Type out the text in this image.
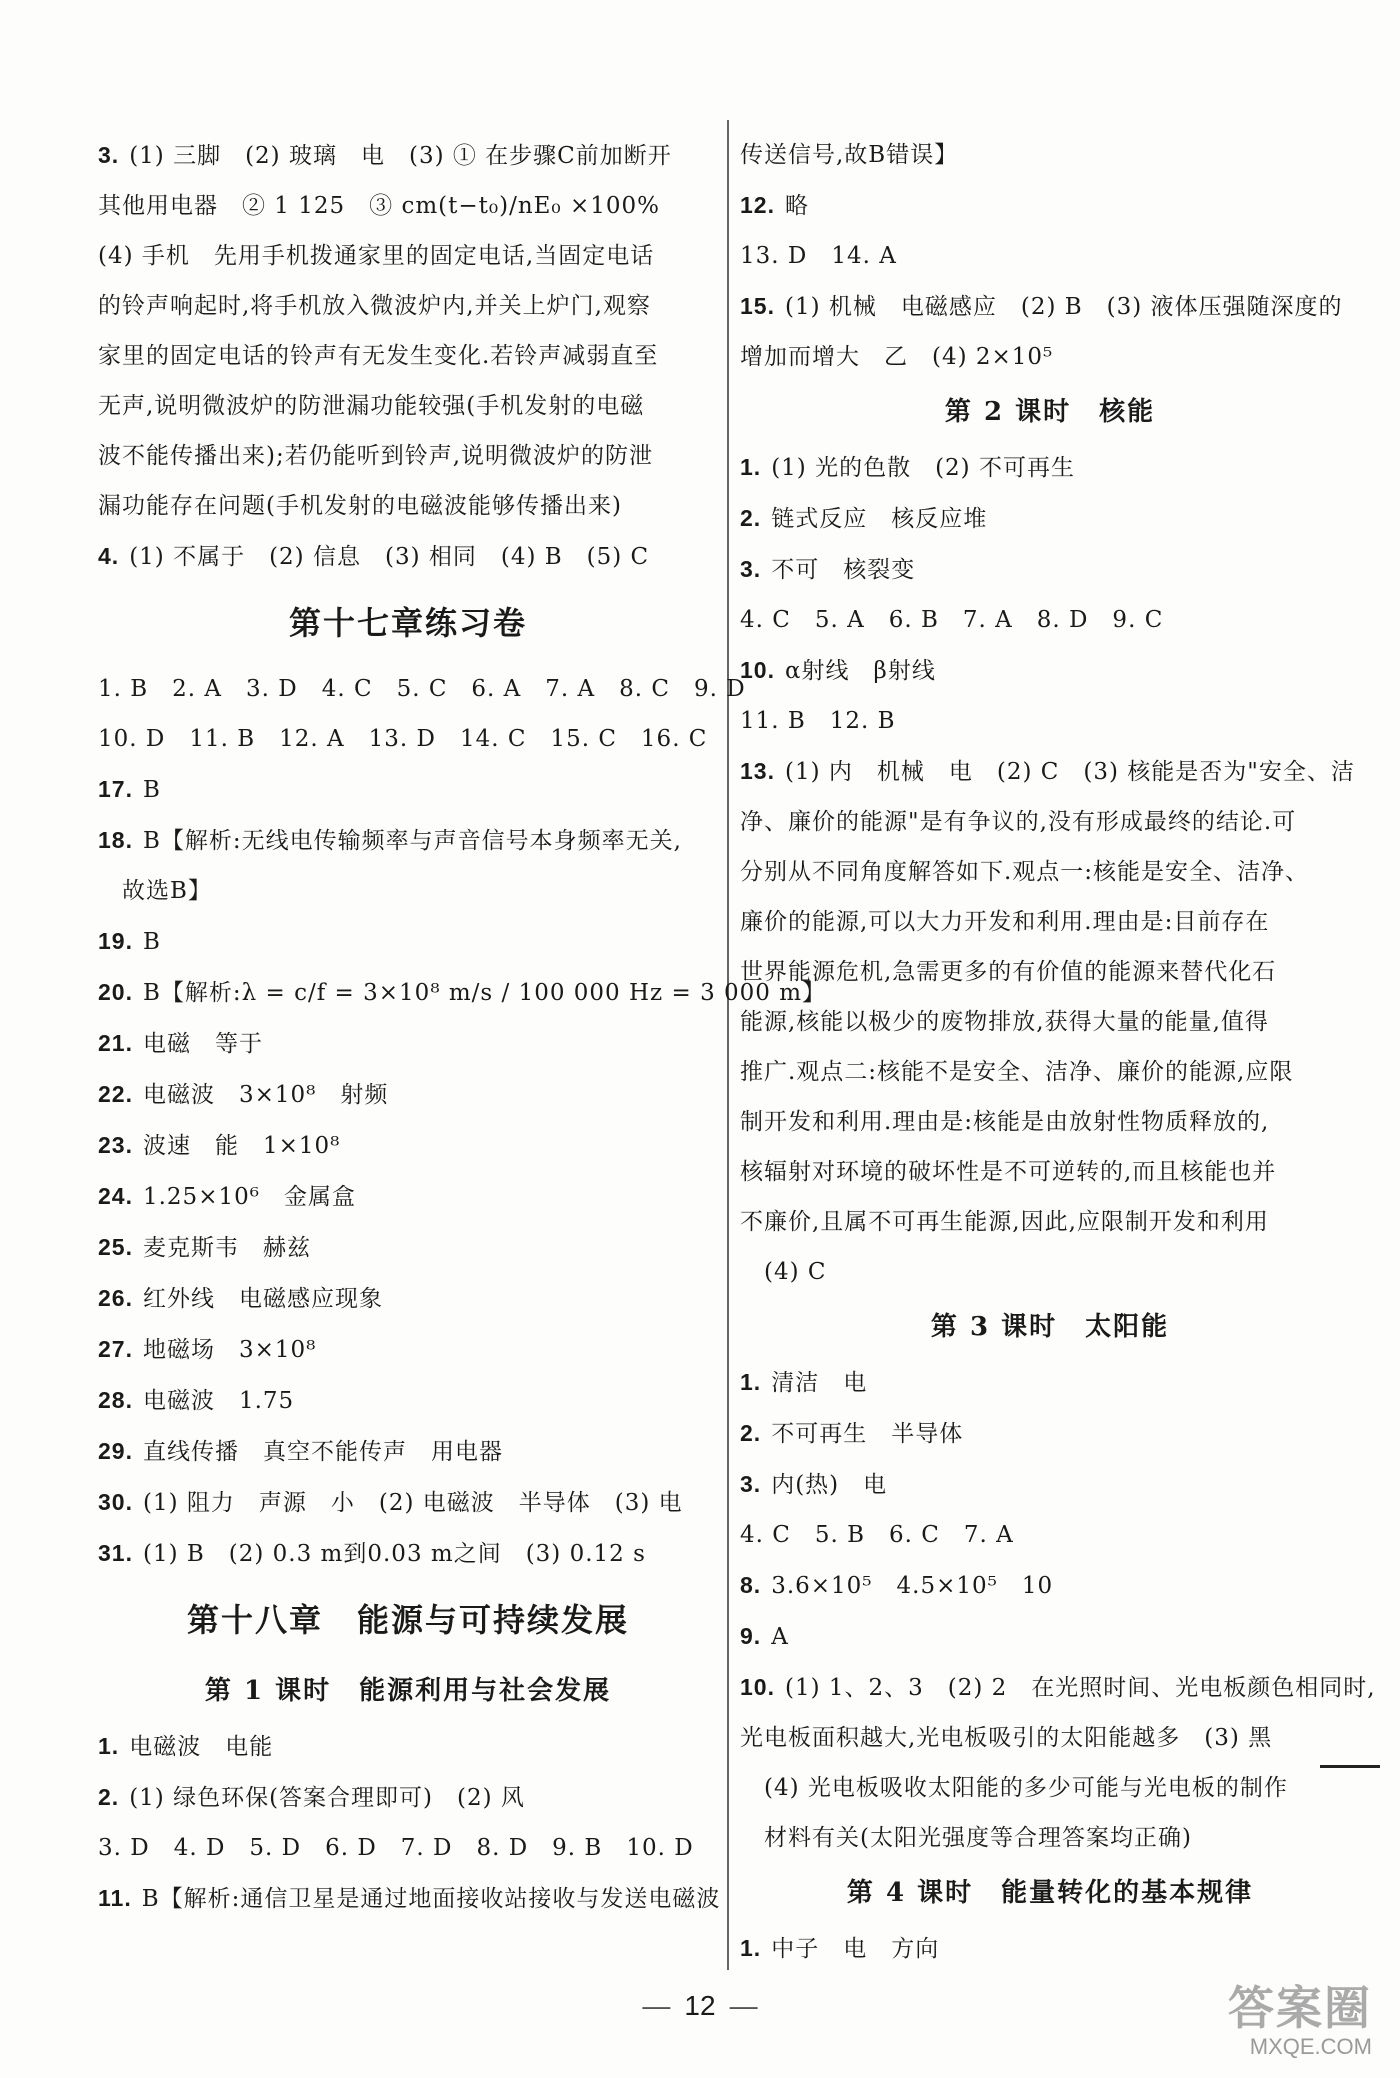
3. (1) 三脚　(2) 玻璃　电　(3) ① 在步骤C前加断开
其他用电器　② 1 125　③ cm(t−t₀)/nE₀ ×100%
(4) 手机　先用手机拨通家里的固定电话,当固定电话
的铃声响起时,将手机放入微波炉内,并关上炉门,观察
家里的固定电话的铃声有无发生变化.若铃声减弱直至
无声,说明微波炉的防泄漏功能较强(手机发射的电磁
波不能传播出来);若仍能听到铃声,说明微波炉的防泄
漏功能存在问题(手机发射的电磁波能够传播出来)
4. (1) 不属于　(2) 信息　(3) 相同　(4) B　(5) C
第十七章练习卷
1. B　2. A　3. D　4. C　5. C　6. A　7. A　8. C　9. D
10. D　11. B　12. A　13. D　14. C　15. C　16. C
17. B
18. B【解析:无线电传输频率与声音信号本身频率无关,
　故选B】
19. B
20. B【解析:λ = c/f = 3×10⁸ m/s / 100 000 Hz = 3 000 m】
21. 电磁　等于
22. 电磁波　3×10⁸　射频
23. 波速　能　1×10⁸
24. 1.25×10⁶　金属盒
25. 麦克斯韦　赫兹
26. 红外线　电磁感应现象
27. 地磁场　3×10⁸
28. 电磁波　1.75
29. 直线传播　真空不能传声　用电器
30. (1) 阻力　声源　小　(2) 电磁波　半导体　(3) 电
31. (1) B　(2) 0.3 m到0.03 m之间　(3) 0.12 s
第十八章　能源与可持续发展
第 1 课时　能源利用与社会发展
1. 电磁波　电能
2. (1) 绿色环保(答案合理即可)　(2) 风
3. D　4. D　5. D　6. D　7. D　8. D　9. B　10. D
11. B【解析:通信卫星是通过地面接收站接收与发送电磁波
传送信号,故B错误】
12. 略
13. D　14. A
15. (1) 机械　电磁感应　(2) B　(3) 液体压强随深度的
增加而增大　乙　(4) 2×10⁵
第 2 课时　核能
1. (1) 光的色散　(2) 不可再生
2. 链式反应　核反应堆
3. 不可　核裂变
4. C　5. A　6. B　7. A　8. D　9. C
10. α射线　β射线
11. B　12. B
13. (1) 内　机械　电　(2) C　(3) 核能是否为"安全、洁
净、廉价的能源"是有争议的,没有形成最终的结论.可
分别从不同角度解答如下.观点一:核能是安全、洁净、
廉价的能源,可以大力开发和利用.理由是:目前存在
世界能源危机,急需更多的有价值的能源来替代化石
能源,核能以极少的废物排放,获得大量的能量,值得
推广.观点二:核能不是安全、洁净、廉价的能源,应限
制开发和利用.理由是:核能是由放射性物质释放的,
核辐射对环境的破坏性是不可逆转的,而且核能也并
不廉价,且属不可再生能源,因此,应限制开发和利用
　(4) C
第 3 课时　太阳能
1. 清洁　电
2. 不可再生　半导体
3. 内(热)　电
4. C　5. B　6. C　7. A
8. 3.6×10⁵　4.5×10⁵　10
9. A
10. (1) 1、2、3　(2) 2　在光照时间、光电板颜色相同时,
光电板面积越大,光电板吸引的太阳能越多　(3) 黑
　(4) 光电板吸收太阳能的多少可能与光电板的制作
　材料有关(太阳光强度等合理答案均正确)
第 4 课时　能量转化的基本规律
1. 中子　电　方向
— 12 —	答案圈
MXQE.COM
